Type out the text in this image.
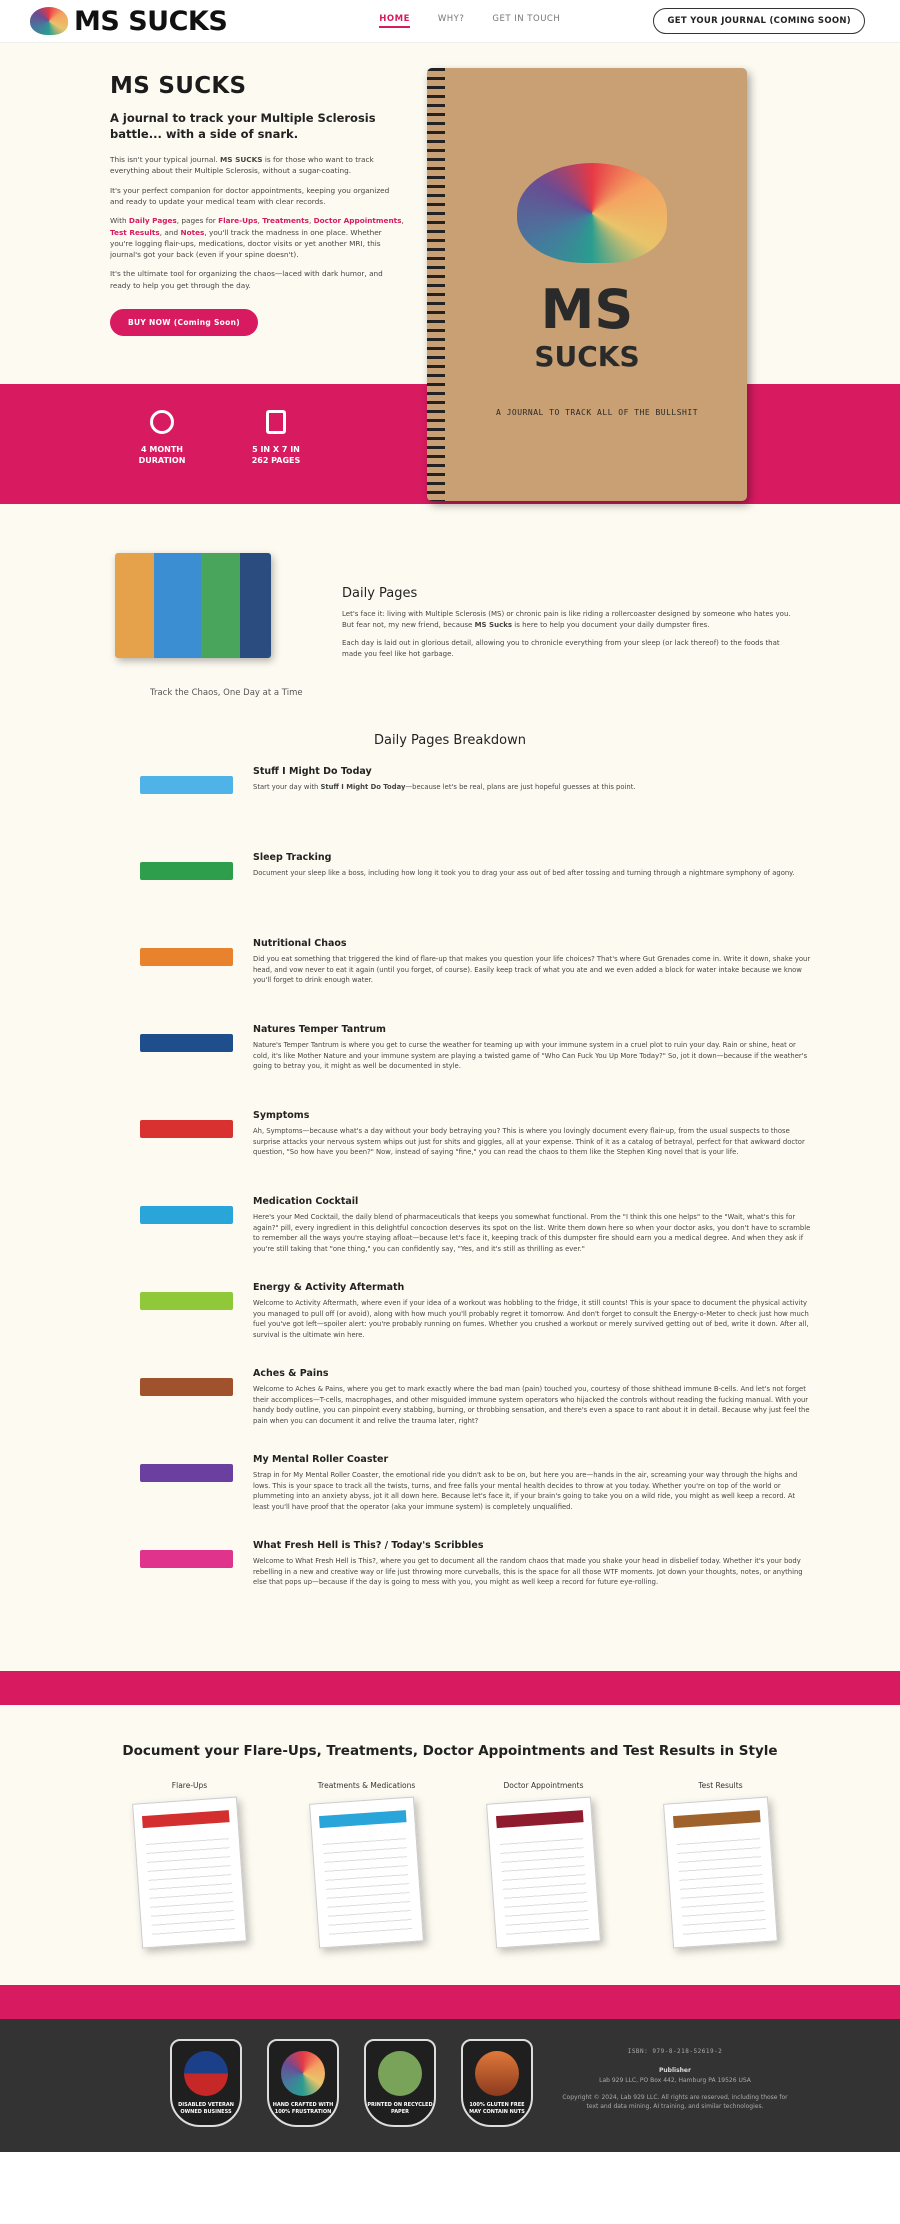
MS SUCKS	HOME	WHY?	GET IN TOUCH	GET YOUR JOURNAL (COMING SOON)
4 MONTH
DURATION
5 IN X 7 IN
262 PAGES
MS SUCKS
A journal to track your Multiple Sclerosis battle... with a side of snark.

This isn't your typical journal. MS SUCKS is for those who want to track everything about their Multiple Sclerosis, without a sugar-coating.

It's your perfect companion for doctor appointments, keeping you organized and ready to update your medical team with clear records.

With Daily Pages, pages for Flare-Ups, Treatments, Doctor Appointments, Test Results, and Notes, you'll track the madness in one place. Whether you're logging flair-ups, medications, doctor visits or yet another MRI, this journal's got your back (even if your spine doesn't).

It's the ultimate tool for organizing the chaos—laced with dark humor, and ready to help you get through the day.

BUY NOW (Coming Soon)	MS
SUCKS
A JOURNAL TO TRACK ALL OF THE BULLSHIT
Track the Chaos, One Day at a Time
Daily Pages

Let's face it: living with Multiple Sclerosis (MS) or chronic pain is like riding a rollercoaster designed by someone who hates you. But fear not, my new friend, because MS Sucks is here to help you document your daily dumpster fires.

Each day is laid out in glorious detail, allowing you to chronicle everything from your sleep (or lack thereof) to the foods that made you feel like hot garbage.

Daily Pages Breakdown
Stuff I Might Do Today

Start your day with Stuff I Might Do Today—because let's be real, plans are just hopeful guesses at this point.

Sleep Tracking

Document your sleep like a boss, including how long it took you to drag your ass out of bed after tossing and turning through a nightmare symphony of agony.

Nutritional Chaos

Did you eat something that triggered the kind of flare-up that makes you question your life choices? That's where Gut Grenades come in. Write it down, shake your head, and vow never to eat it again (until you forget, of course). Easily keep track of what you ate and we even added a block for water intake because we know you'll forget to drink enough water.

Natures Temper Tantrum

Nature's Temper Tantrum is where you get to curse the weather for teaming up with your immune system in a cruel plot to ruin your day. Rain or shine, heat or cold, it's like Mother Nature and your immune system are playing a twisted game of "Who Can Fuck You Up More Today?" So, jot it down—because if the weather's going to betray you, it might as well be documented in style.

Symptoms

Ah, Symptoms—because what's a day without your body betraying you? This is where you lovingly document every flair-up, from the usual suspects to those surprise attacks your nervous system whips out just for shits and giggles, all at your expense. Think of it as a catalog of betrayal, perfect for that awkward doctor question, "So how have you been?" Now, instead of saying "fine," you can read the chaos to them like the Stephen King novel that is your life.

Medication Cocktail

Here's your Med Cocktail, the daily blend of pharmaceuticals that keeps you somewhat functional. From the "I think this one helps" to the "Wait, what's this for again?" pill, every ingredient in this delightful concoction deserves its spot on the list. Write them down here so when your doctor asks, you don't have to scramble to remember all the ways you're staying afloat—because let's face it, keeping track of this dumpster fire should earn you a medical degree. And when they ask if you're still taking that "one thing," you can confidently say, "Yes, and it's still as thrilling as ever."

Energy & Activity Aftermath

Welcome to Activity Aftermath, where even if your idea of a workout was hobbling to the fridge, it still counts! This is your space to document the physical activity you managed to pull off (or avoid), along with how much you'll probably regret it tomorrow. And don't forget to consult the Energy-o-Meter to check just how much fuel you've got left—spoiler alert: you're probably running on fumes. Whether you crushed a workout or merely survived getting out of bed, write it down. After all, survival is the ultimate win here.

Aches & Pains

Welcome to Aches & Pains, where you get to mark exactly where the bad man (pain) touched you, courtesy of those shithead immune B-cells. And let's not forget their accomplices—T-cells, macrophages, and other misguided immune system operators who hijacked the controls without reading the fucking manual. With your handy body outline, you can pinpoint every stabbing, burning, or throbbing sensation, and there's even a space to rant about it in detail. Because why just feel the pain when you can document it and relive the trauma later, right?

My Mental Roller Coaster

Strap in for My Mental Roller Coaster, the emotional ride you didn't ask to be on, but here you are—hands in the air, screaming your way through the highs and lows. This is your space to track all the twists, turns, and free falls your mental health decides to throw at you today. Whether you're on top of the world or plummeting into an anxiety abyss, jot it all down here. Because let's face it, if your brain's going to take you on a wild ride, you might as well keep a record. At least you'll have proof that the operator (aka your immune system) is completely unqualified.

What Fresh Hell is This? / Today's Scribbles

Welcome to What Fresh Hell is This?, where you get to document all the random chaos that made you shake your head in disbelief today. Whether it's your body rebelling in a new and creative way or life just throwing more curveballs, this is the space for all those WTF moments. Jot down your thoughts, notes, or anything else that pops up—because if the day is going to mess with you, you might as well keep a record for future eye-rolling.

Document your Flare-Ups, Treatments, Doctor Appointments and Test Results in Style
Flare-Ups	Treatments & Medications	Doctor Appointments	Test Results
DISABLED VETERAN OWNED BUSINESS
HAND CRAFTED WITH 100% FRUSTRATION
PRINTED ON RECYCLED PAPER
100% GLUTEN FREE MAY CONTAIN NUTS
ISBN: 979-8-218-52619-2
Publisher
Lab 929 LLC, PO Box 442, Hamburg PA 19526 USA
Copyright © 2024, Lab 929 LLC. All rights are reserved, including those for text and data mining, AI training, and similar technologies.
